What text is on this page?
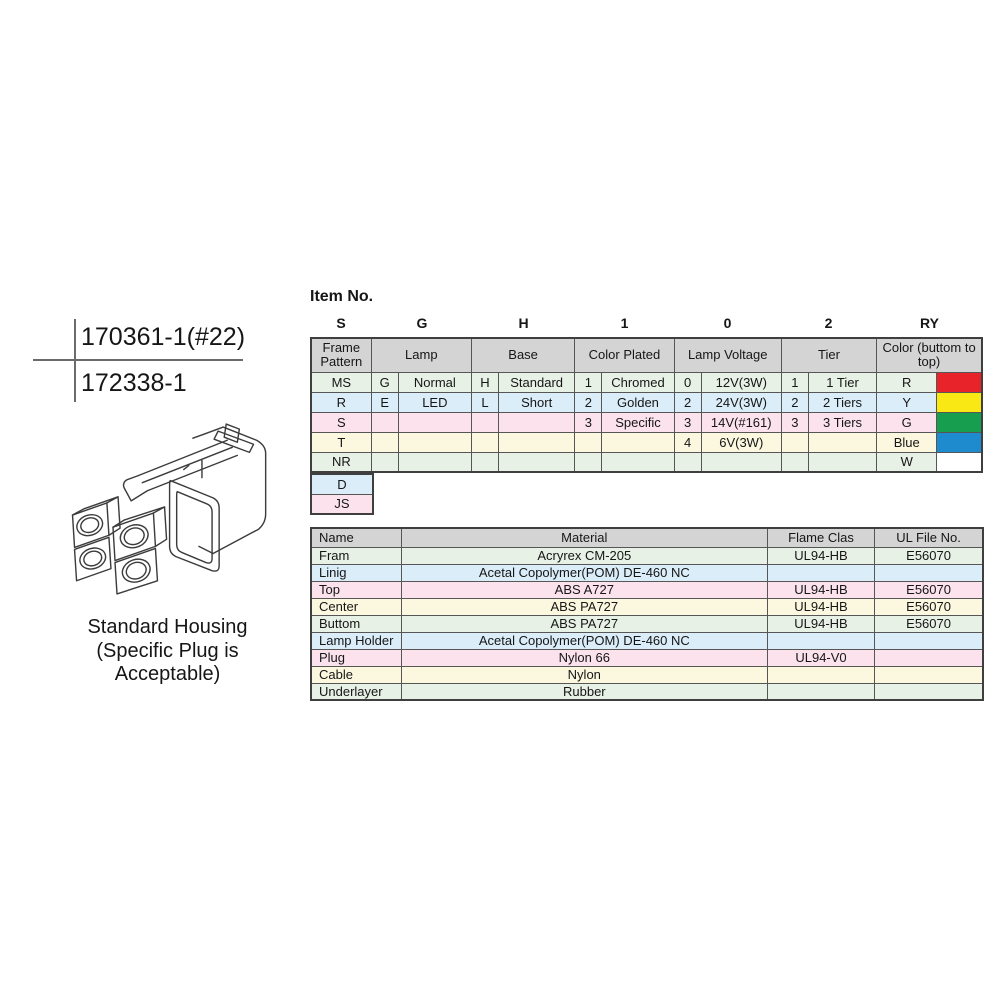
170361-1(#22)
172338-1
Standard Housing
(Specific Plug is
Acceptable)
Item No.
S	G	H	1	0	2	RY
Frame Pattern	Lamp		Base		Color Plated		Lamp Voltage		Tier		Color (buttom to top)	
MS	G	Normal	H	Standard	1	Chromed	0	12V(3W)	1	1 Tier	R	
R	E	LED	L	Short	2	Golden	2	24V(3W)	2	2 Tiers	Y	
S					3	Specific	3	14V(#161)	3	3 Tiers	G	
T							4	6V(3W)			Blue	
NR											W	
D
JS
Name	Material	Flame Clas	UL File No.
Fram	Acryrex CM-205	UL94-HB	E56070
Linig	Acetal Copolymer(POM) DE-460 NC		
Top	ABS A727	UL94-HB	E56070
Center	ABS PA727	UL94-HB	E56070
Buttom	ABS PA727	UL94-HB	E56070
Lamp Holder	Acetal Copolymer(POM) DE-460 NC		
Plug	Nylon 66	UL94-V0	
Cable	Nylon		
Underlayer	Rubber		
